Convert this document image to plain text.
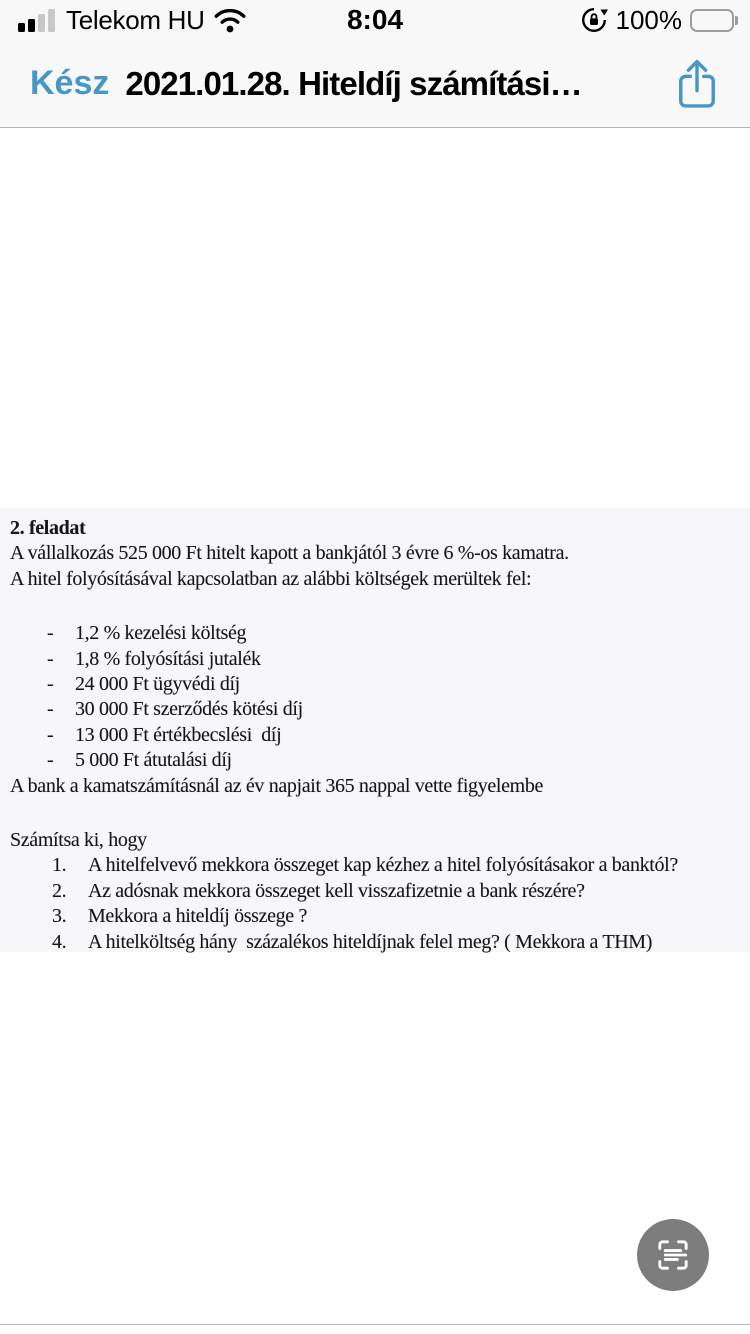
Telekom HU	8:04	100%
Kész 2021.01.28. Hiteldíj számítási…
2. feladat
A vállalkozás 525 000 Ft hitelt kapott a bankjától 3 évre 6 %-os kamatra.
A hitel folyósításával kapcsolatban az alábbi költségek merültek fel:
-	1,2 % kezelési költség
-	1,8 % folyósítási jutalék
-	24 000 Ft ügyvédi díj
-	30 000 Ft szerződés kötési díj
-	13 000 Ft értékbecslési  díj
-	5 000 Ft átutalási díj
A bank a kamatszámításnál az év napjait 365 nappal vette figyelembe
Számítsa ki, hogy
1.	A hitelfelvevő mekkora összeget kap kézhez a hitel folyósításakor a banktól?
2.	Az adósnak mekkora összeget kell visszafizetnie a bank részére?
3.	Mekkora a hiteldíj összege ?
4.	A hitelköltség hány  százalékos hiteldíjnak felel meg? ( Mekkora a THM)
